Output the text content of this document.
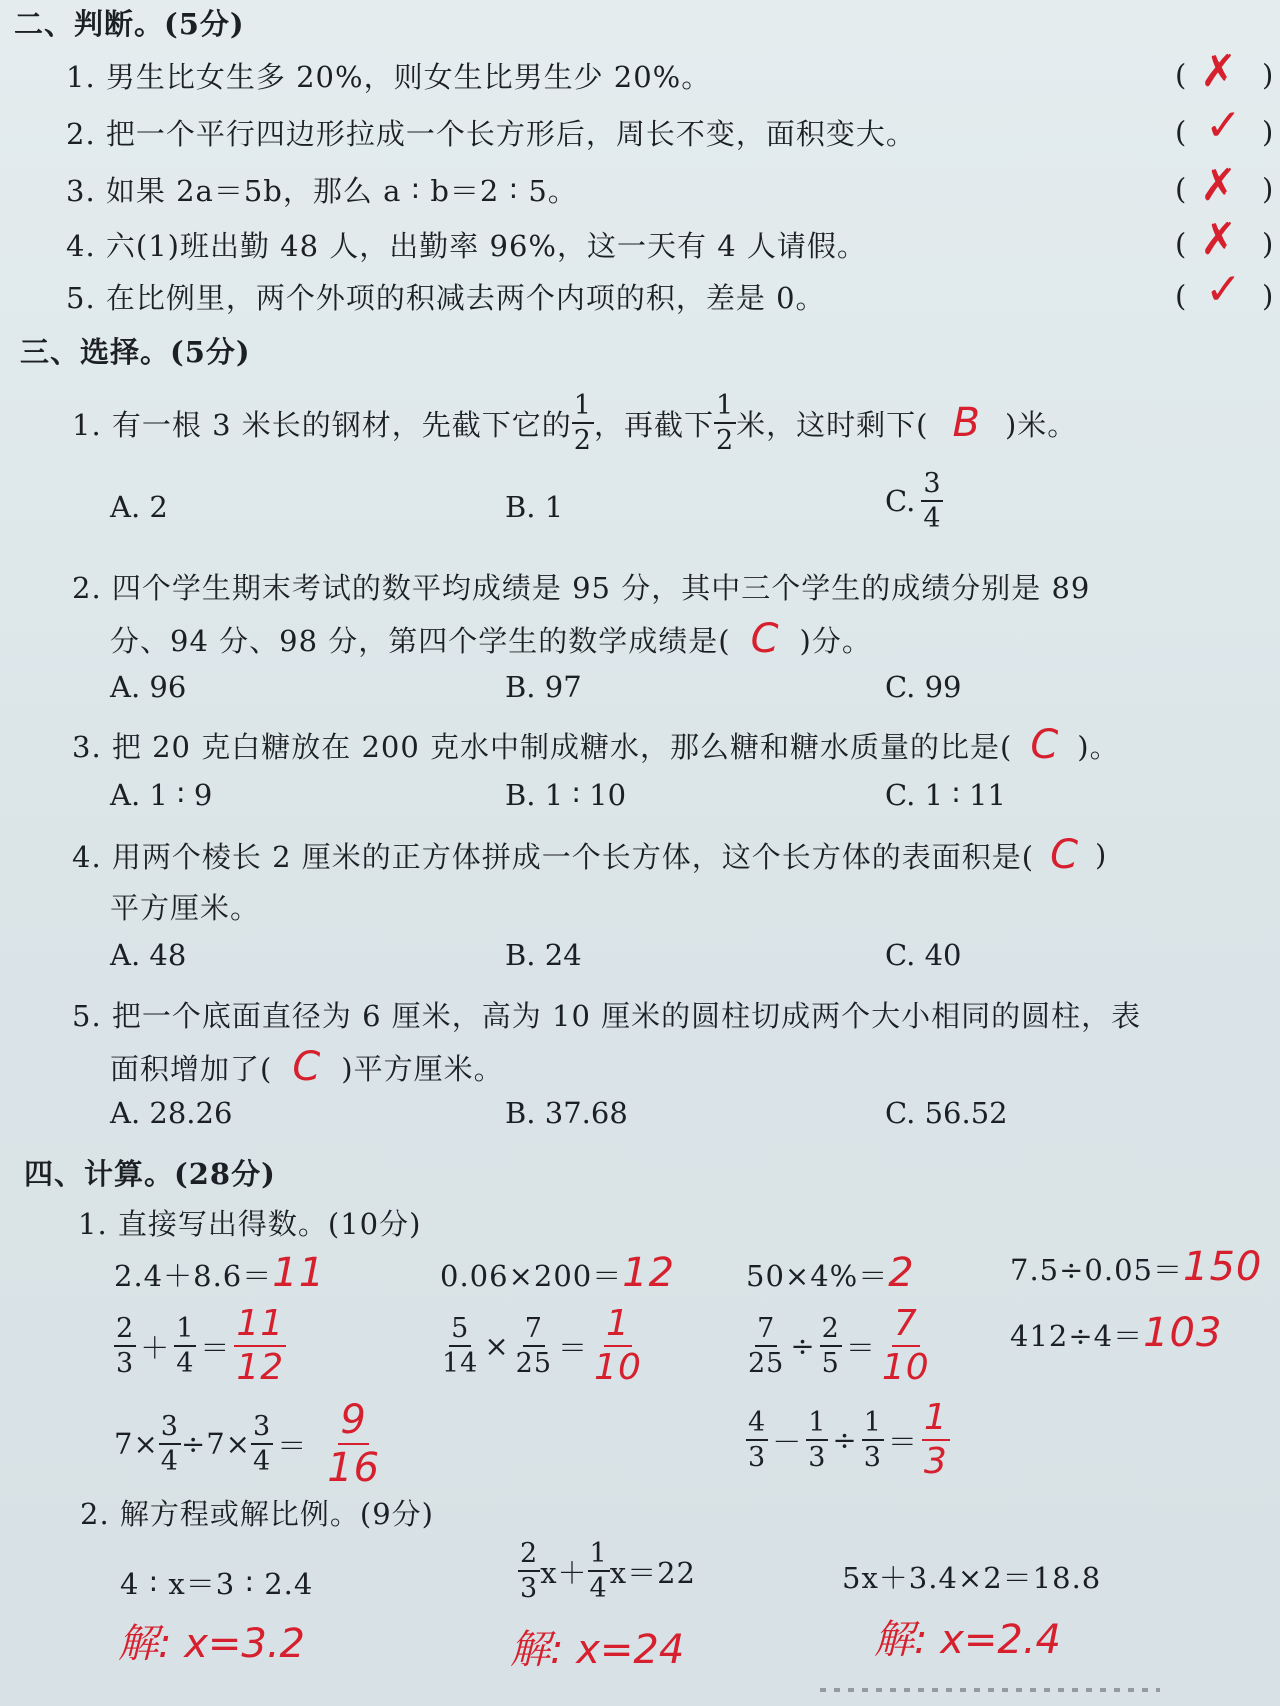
二、判断。(5分)
1. 男生比女生多 20%，则女生比男生少 20%。	( ✗ )
2. 把一个平行四边形拉成一个长方形后，周长不变，面积变大。	( ✓ )
3. 如果 2a＝5b，那么 a ∶ b＝2 ∶ 5。	( ✗ )
4. 六(1)班出勤 48 人，出勤率 96%，这一天有 4 人请假。	( ✗ )
5. 在比例里，两个外项的积减去两个内项的积，差是 0。	( ✓ )
三、选择。(5分)
1. 有一根 3 米长的钢材，先截下它的 $\frac{1}{2}$ ，再截下 $\frac{1}{2}$ 米，这时剩下( B )米。
A. 2	B. 1	C. $\frac{3}{4}$
2. 四个学生期末考试的数平均成绩是 95 分，其中三个学生的成绩分别是 89
分、94 分、98 分，第四个学生的数学成绩是( C )分。
A. 96	B. 97	C. 99
3. 把 20 克白糖放在 200 克水中制成糖水，那么糖和糖水质量的比是( C )。
A. 1 ∶ 9	B. 1 ∶ 10	C. 1 ∶ 11
4. 用两个棱长 2 厘米的正方体拼成一个长方体，这个长方体的表面积是( C )
平方厘米。
A. 48	B. 24	C. 40
5. 把一个底面直径为 6 厘米，高为 10 厘米的圆柱切成两个大小相同的圆柱，表
面积增加了( C )平方厘米。
A. 28.26	B. 37.68	C. 56.52
四、计算。(28分)
1. 直接写出得数。(10分)
2.4＋8.6＝ 11	0.06×200＝ 12 50×4%＝ 2	7.5÷0.05＝ 150
$\frac{2}{3} + \frac{1}{4} = \frac{11}{12}$	$\frac{5}{14} \times \frac{7}{25} = \frac{1}{10}$	$\frac{7}{25} \div \frac{2}{5} = \frac{7}{10}$	412÷4＝ 103
$7\times \frac{3}{4} \div 7\times \frac{3}{4} = \frac{9}{16}$	$\frac{4}{3} - \frac{1}{3} \div \frac{1}{3} = \frac{1}{3}$
2. 解方程或解比例。(9分)
4 ∶ x＝3 ∶ 2.4	$\frac{2}{3} x+ \frac{1}{4} x=22$	5x＋3.4×2＝18.8
解: x=3.2	解: x=24	解: x=2.4
